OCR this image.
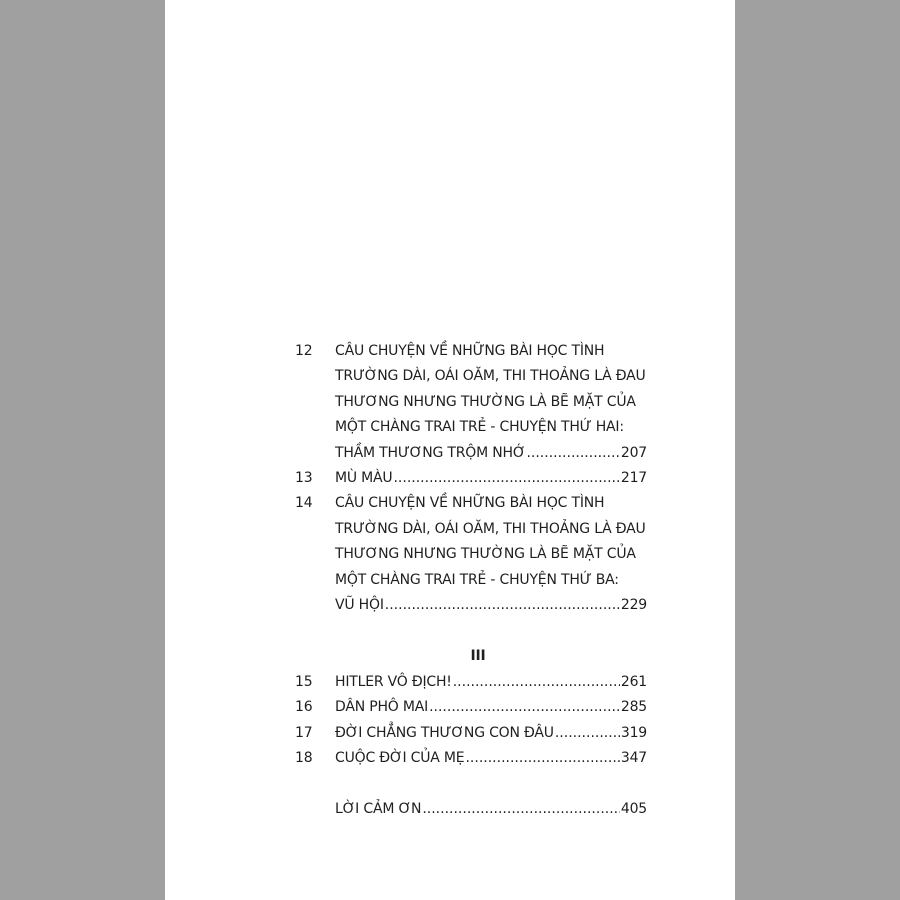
12	CÂU CHUYỆN VỀ NHỮNG BÀI HỌC TÌNH
TRƯỜNG DÀI, OÁI OĂM, THI THOẢNG LÀ ĐAU
THƯƠNG NHƯNG THƯỜNG LÀ BẼ MẶT CỦA
MỘT CHÀNG TRAI TRẺ - CHUYỆN THỨ HAI:
THẦM THƯƠNG TRỘM NHỚ .....	207
13	MÙ MÀU .....	217
14	CÂU CHUYỆN VỀ NHỮNG BÀI HỌC TÌNH
TRƯỜNG DÀI, OÁI OĂM, THI THOẢNG LÀ ĐAU
THƯƠNG NHƯNG THƯỜNG LÀ BẼ MẶT CỦA
MỘT CHÀNG TRAI TRẺ - CHUYỆN THỨ BA:
VŨ HỘI .....	229
III
15	HITLER VÔ ĐỊCH! .....	261
16	DÂN PHÔ MAI .....	285
17	ĐỜI CHẲNG THƯƠNG CON ĐÂU .....	319
18	CUỘC ĐỜI CỦA MẸ .....	347
LỜI CẢM ƠN .....	405
